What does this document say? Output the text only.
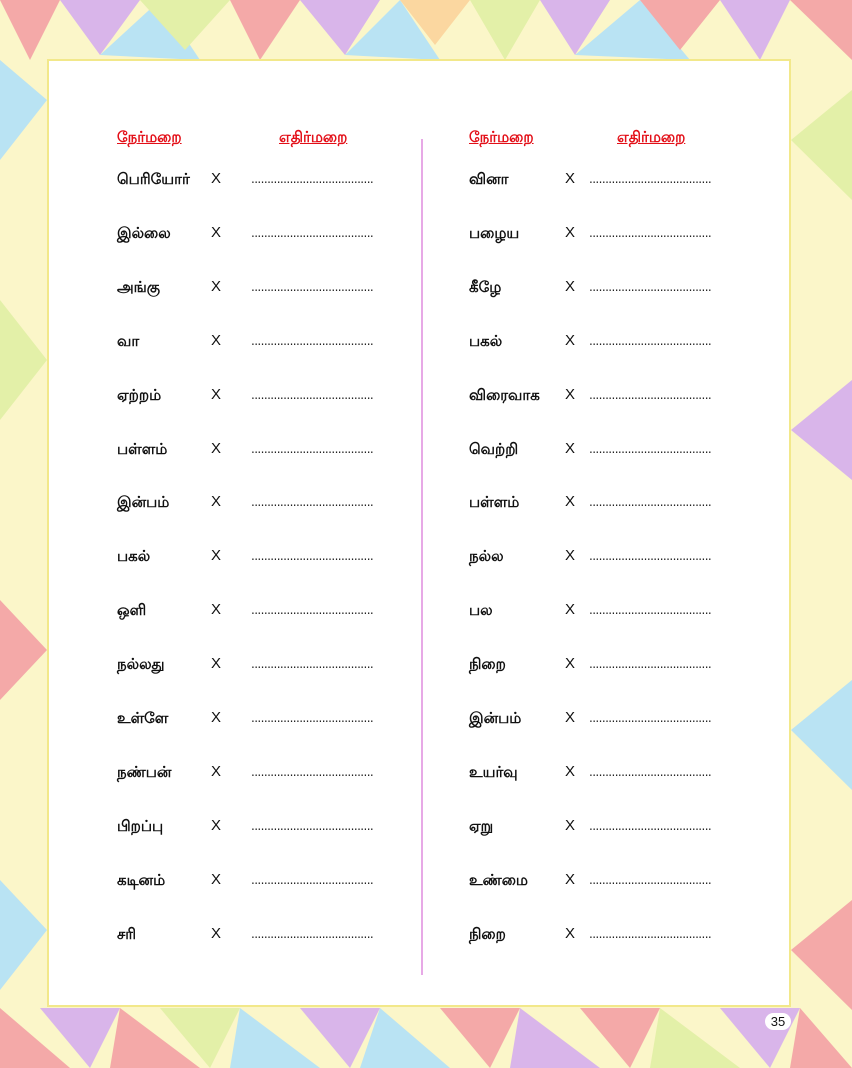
நேர்மறை	எதிர்மறை
பெரியோர் X ......................................
இல்லை	X ......................................
அங்கு	X ......................................
வா	X ......................................
ஏற்றம்	X ......................................
பள்ளம்	X ......................................
இன்பம்	X ......................................
பகல்	X ......................................
ஒளி	X ......................................
நல்லது	X ......................................
உள்ளே	X ......................................
நண்பன்	X ......................................
பிறப்பு	X ......................................
கடினம்	X ......................................
சரி	X ......................................
நேர்மறை	எதிர்மறை
வினா	X ......................................
பழைய	X ......................................
கீழே	X ......................................
பகல்	X ......................................
விரைவாக X ......................................
வெற்றி	X ......................................
பள்ளம்	X ......................................
நல்ல	X ......................................
பல	X ......................................
நிறை	X ......................................
இன்பம்	X ......................................
உயர்வு	X ......................................
ஏறு	X ......................................
உண்மை X ......................................
நிறை	X ......................................
35
